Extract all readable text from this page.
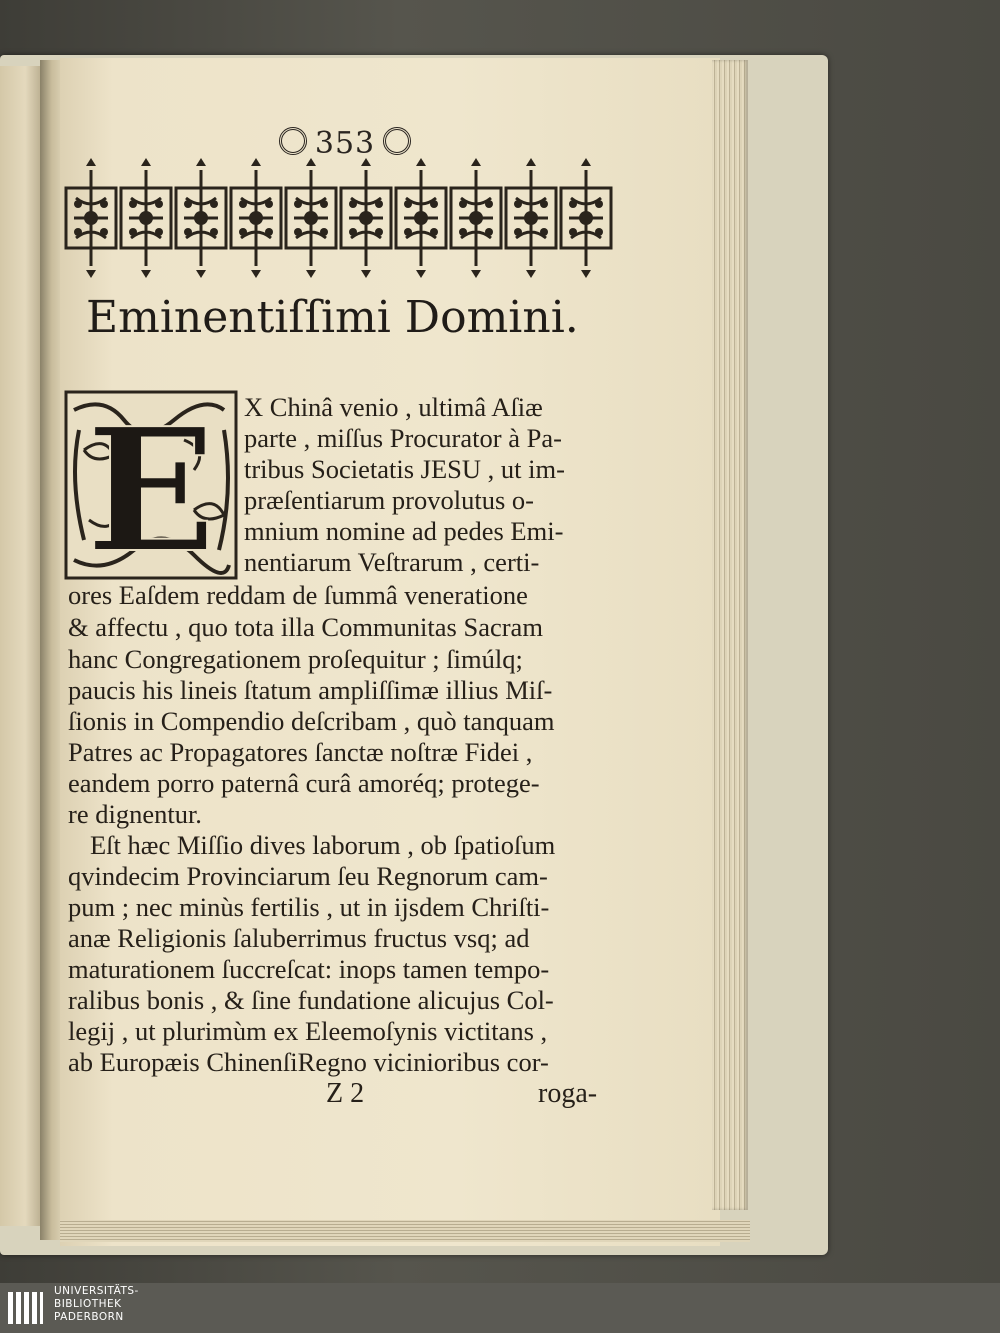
353
Eminentiſſimi Domini.
E X Chinâ venio , ultimâ Aſiæ
parte , miſſus Procurator à Pa-
tribus Societatis JESU , ut im-
præſentiarum provolutus o-
mnium nomine ad pedes Emi-
nentiarum Veſtrarum , certi-
ores Eaſdem reddam de ſummâ veneratione
& affectu , quo tota illa Communitas Sacram
hanc Congregationem proſequitur ; ſimúlq;
paucis his lineis ſtatum ampliſſimæ illius Miſ-
ſionis in Compendio deſcribam , quò tanquam
Patres ac Propagatores ſanctæ noſtræ Fidei ,
eandem porro paternâ curâ amoréq; protege-
re dignentur.
Eſt hæc Miſſio dives laborum , ob ſpatioſum
qvindecim Provinciarum ſeu Regnorum cam-
pum ; nec minùs fertilis , ut in ijsdem Chriſti-
anæ Religionis ſaluberrimus fructus vsq; ad
maturationem ſuccreſcat: inops tamen tempo-
ralibus bonis , & ſine fundatione alicujus Col-
legij , ut plurimùm ex Eleemoſynis victitans ,
ab Europæis ChinenſiRegno vicinioribus cor-
Z 2	roga-
UNIVERSITÄTS-
BIBLIOTHEK
PADERBORN
